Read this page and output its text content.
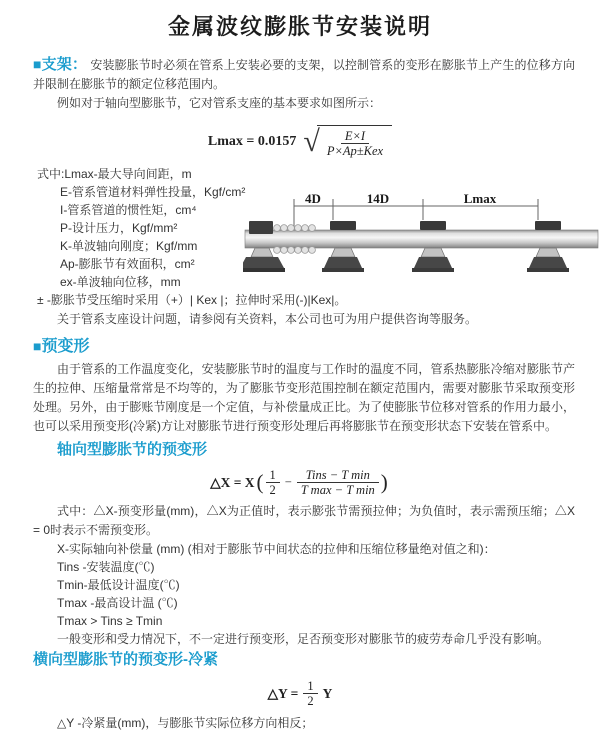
金属波纹膨胀节安装说明
■支架： 安装膨胀节时必须在管系上安装必要的支架，以控制管系的变形在膨胀节上产生的位移方向并限制在膨胀节的额定位移范围内。
例如对于轴向型膨胀节，它对管系支座的基本要求如图所示：
Lmax = 0.0157 √ $\frac{E\times I}{\text{P×Ap±Kex}}$
式中:Lmax-最大导向间距，m
E-管系管道材料弹性投量，Kgf/cm²
I-管系管道的惯性矩，cm⁴
P-设计压力，Kgf/mm²
K-单波轴向刚度；Kgf/mm
Ap-膨胀节有效面积，cm²
ex-单波轴向位移，mm
± -膨胀节受压缩时采用（+）| Kex |；拉伸时采用(-)|Kex|。
关于管系支座设计问题，请参阅有关资料，本公司也可为用户提供咨询等服务。
4D	14D	Lmax
■预变形
由于管系的工作温度变化，安装膨胀节时的温度与工作时的温度不同，管系热膨胀冷缩对膨胀节产生的拉伸、压缩量常常是不均等的，为了膨胀节变形范围控制在额定范围内，需要对膨胀节采取预变形处理。另外，由于膨账节刚度是一个定值，与补偿量成正比。为了使膨胀节位移对管系的作用力最小，也可以采用预变形(冷紧)方让对膨胀节进行预变形处理后再将膨胀节在预变形状态下安装在管系中。
轴向型膨胀节的预变形
△X = X ( $\frac{1}{2} - \frac{\text{Tins − T min}}{\text{T max − T min}}$ )
式中：△X-预变形量(mm)，△X为正值时，表示膨张节需预拉伸；为负值时，表示需预压缩；△X = 0时表示不需预变形。
X-实际轴向补偿量 (mm) (相对于膨胀节中间状态的拉伸和压缩位移量绝对值之和)：
Tins -安装温度(℃)
Tmin-最低设计温度(℃)
Tmax -最高设计温 (℃)
Tmax > Tins ≥ Tmin
一般变形和受力情况下，不一定进行预变形，足否预变形对膨胀节的疲劳寿命几乎没有影响。
横向型膨胀节的预变形-冷紧
△Y = $\frac{1}{2}$ Y
△Y -冷紧量(mm)，与膨胀节实际位移方向相反；
